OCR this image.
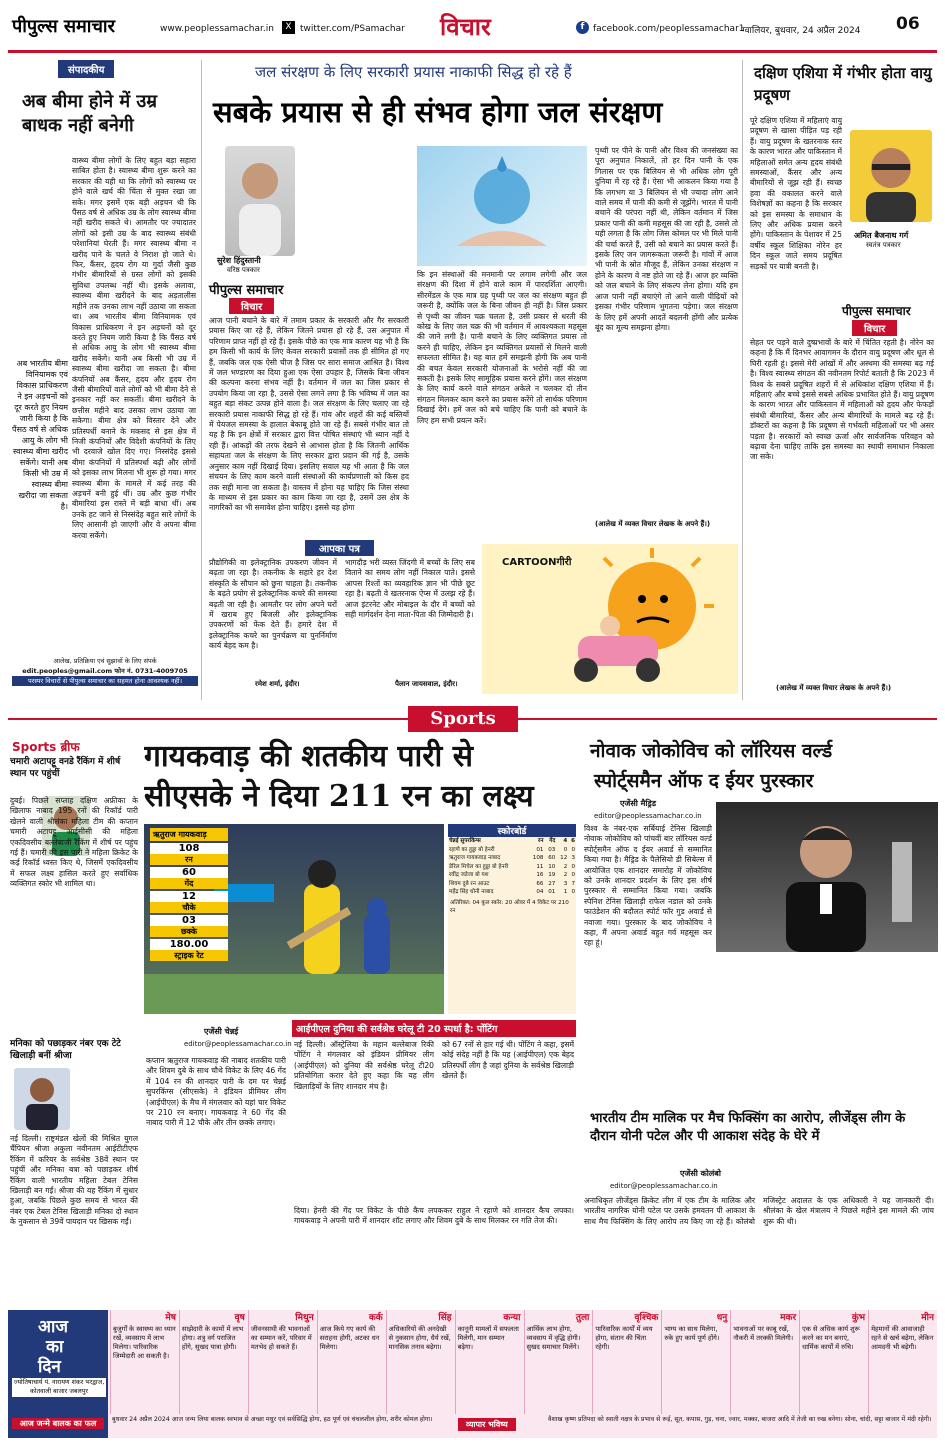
पीपुल्स समाचार	www.peoplessamachar.in	X twitter.com/PSamachar विचार	f facebook.com/peoplessamachar1
ग्वालियर, बुधवार, 24 अप्रैल 2024 06
संपादकीय
अब बीमा होने में उम्र बाधक नहीं बनेगी
वास्थ्य बीमा लोगों के लिए बहुत बड़ा सहारा साबित होता है। स्वास्थ्य बीमा शुरू करने का सरकार की यही था कि लोगों को स्वास्थ्य पर होने वाले खर्च की चिंता से मुक्त रखा जा सके। मगर इसमें एक बड़ी अड़चन थी कि पैंसठ वर्ष से अधिक उम्र के लोग स्वास्थ्य बीमा नहीं खरीद सकते थे। आमतौर पर ज्यादातर लोगों को इसी उम्र के बाद स्वास्थ्य संबंधी परेशानियां घेरती हैं। मगर स्वास्थ्य बीमा न खरीद पाने के चलते वे निराश हो जाते थे। फिर, कैंसर, हृदय रोग या गुर्दा जैसी कुछ गंभीर बीमारियों से ग्रस्त लोगों को इसकी सुविधा उपलब्ध नहीं थी। इसके अलावा, स्वास्थ्य बीमा खरीदने के बाद अड़तालीस महीने तक उनका लाभ नहीं उठाया जा सकता था। अब भारतीय बीमा विनियामक एवं विकास प्राधिकरण ने इन अड़चनों को दूर करते हुए नियम जारी किया है कि पैंसठ वर्ष से अधिक आयु के लोग भी स्वास्थ्य बीमा खरीद सकेंगे। यानी अब किसी भी उम्र में स्वास्थ्य बीमा खरीदा जा सकता है। बीमा कंपनियों अब कैंसर, हृदय और हृदय रोग जैसी बीमारियों वाले लोगों को भी बीमा देने से इनकार नहीं कर सकतीं। बीमा खरीदने के छत्तीस महीने बाद उसका लाभ उठाया जा सकेगा। बीमा क्षेत्र को विस्तार देने और प्रतिस्पर्धी बनाने के मकसद से इस क्षेत्र में निजी कंपनियों और विदेशी कंपनियों के लिए भी दरवाजे खोल दिए गए। निस्संदेह इससे बीमा कंपनियों में प्रतिस्पर्धा बढ़ी और लोगों को इसका लाभ मिलना भी शुरू हो गया। मगर स्वास्थ्य बीमा के मामले में कई तरह की अड़चनें बनी हुई थीं। उम्र और कुछ गंभीर बीमारियां इस रास्ते में बड़ी बाधा थीं। अब उनके हट जाने से निस्संदेह बहुत सारे लोगों के लिए आसानी हो जाएगी और वे अपना बीमा करवा सकेंगे।
अब भारतीय बीमा विनियामक एवं विकास प्राधिकरण ने इन अड़चनों को दूर करते हुए नियम जारी किया है कि पैंसठ वर्ष से अधिक आयु के लोग भी स्वास्थ्य बीमा खरीद सकेंगे। यानी अब किसी भी उम्र में स्वास्थ्य बीमा खरीदा जा सकता है।
आलेख, प्रतिक्रिया एवं सुझावों के लिए संपर्क
edit.peoples@gmail.com फोन नं. 0731-4009705
परस्पर विचारों से पीपुल्स समाचार का सहमत होना आवश्यक नहीं।
जल संरक्षण के लिए सरकारी प्रयास नाकाफी सिद्ध हो रहे हैं
सबके प्रयास से ही संभव होगा जल संरक्षण
सुरेश हिंदुस्तानी
वरिष्ठ पत्रकार
पीपुल्स समाचार
विचार
आज पानी बचाने के बारे में तमाम प्रकार के सरकारी और गैर सरकारी प्रयास किए जा रहे हैं, लेकिन जितने प्रयास हो रहे हैं, उस अनुपात में परिणाम प्राप्त नहीं हो रहे हैं। इसके पीछे का एक मात्र कारण यह भी है कि हम किसी भी कार्य के लिए केवल सरकारी प्रयासों तक ही सीमित हो गए हैं, जबकि जल एक ऐसी चीज है जिस पर सारा समाज आश्रित है। विश्व में जल भण्डारण का दिया हुआ एक ऐसा उपहार है, जिसके बिना जीवन की कल्पना करना संभव नहीं है। वर्तमान में जल का जिस प्रकार से उपयोग किया जा रहा है, उससे ऐसा लगने लगा है कि भविष्य में जल का बहुत बड़ा संकट उत्पन्न होने वाला है। जल संरक्षण के लिए चलाए जा रहे सरकारी प्रयास नाकाफी सिद्ध हो रहे हैं। गांव और शहरों की कई बस्तियों में पेयजल समस्या के हालात बेकाबू होते जा रहे हैं। सबसे गंभीर बात तो यह है कि इन क्षेत्रों में सरकार द्वारा वित्त पोषित संस्थाएं भी ध्यान नहीं दे रही हैं। आंकड़ों की तरफ देखने से आभास होता है कि जितनी आर्थिक सहायता जल के संरक्षण के लिए सरकार द्वारा प्रदान की गई है, उसके अनुसार काम नहीं दिखाई दिया। इसलिए सवाल यह भी आता है कि जल संचयन के लिए काम करने वाली संस्थाओं की कार्यप्रणाली को किस हद तक सही माना जा सकता है। वास्तव में होना यह चाहिए कि जिस संस्था के माध्यम से इस प्रकार का काम किया जा रहा है, उसमें उस क्षेत्र के नागरिकों का भी समावेश होना चाहिए। इससे यह होगा
कि इन संस्थाओं की मनमानी पर लगाम लगेगी और जल संरक्षण की दिशा में होने वाले काम में पारदर्शिता आएगी। सीरमेंडल के एक मात्र ग्रह पृथ्वी पर जल का संरक्षण बहुत ही जरूरी है, क्योंकि जल के बिना जीवन ही नहीं है। जिस प्रकार से पृथ्वी का जीवन चक्र चलता है, उसी प्रकार से धरती की कोख के लिए जल चक्र की भी वर्तमान में आवश्यकता महसूस की जाने लगी है। पानी बचाने के लिए व्यक्तिगत प्रयास तो करने ही चाहिए, लेकिन इन व्यक्तिगत प्रयासों से मिलने वाली सफलता सीमित है। यह बात हमें समझनी होगी कि अब पानी की बचत केवल सरकारी योजनाओं के भरोसे नहीं की जा सकती है। इसके लिए सामूहिक प्रयास करने होंगे। जल संरक्षण के लिए कार्य करने वाले संगठन अकेले न चलकर दो तीन संगठन मिलकर काम करने का प्रयास करेंगे तो सार्थक परिणाम दिखाई देंगे। हमें जल को बचे चाहिए कि पानी को बचाने के लिए हम सभी प्रयत्न करें।
पृथ्वी पर पीने के पानी और विश्व की जनसंख्या का पूरा अनुपात निकालें, तो हर दिन पानी के एक गिलास पर एक बिलियन से भी अधिक लोग पूरी दुनिया में रह रहे हैं। ऐसा भी आकलन किया गया है कि लगभग या 3 बिलियन से भी ज्यादा लोग आने वाले समय में पानी की कमी से जूझेंगे। भारत में पानी बचाने की परंपरा नहीं थी, लेकिन वर्तमान में जिस प्रकार पानी की कमी महसूस की जा रही है, उससे तो यही लगता है कि लोग जिस कोमल पर भी मिले पानी की चर्चा करते हैं, उसी को बचाने का प्रयास करते हैं। इसके लिए जन जागरूकता जरूरी है। गांवों में आज भी पानी के स्रोत मौजूद हैं, लेकिन उनका संरक्षण न होने के कारण वे नष्ट होते जा रहे हैं। आज हर व्यक्ति को जल बचाने के लिए संकल्प लेना होगा। यदि हम आज पानी नहीं बचाएंगे तो आने वाली पीढ़ियों को इसका गंभीर परिणाम भुगतना पड़ेगा। जल संरक्षण के लिए हमें अपनी आदतें बदलनी होंगी और प्रत्येक बूंद का मूल्य समझना होगा।
(आलेख में व्यक्त विचार लेखक के अपने हैं।)
आपका पत्र
प्रौद्योगिकी वा इलेक्ट्रानिक उपकरण जीवन में बढ़ता जा रहा है। तकनीक के सहारे हर देश संस्कृति के सौपान को छुना चाहता है। तकनीक के बढ़ते प्रयोग से इलेक्ट्रानिक कचरे की समस्या बढ़ती जा रही है। आमतौर पर लोग अपने घरों में खराब हुए बिजली और इलेक्ट्रानिक उपकरणों को फेंक देते हैं। हमारे देश में इलेक्ट्रानिक कचरे का पुनर्चक्रण या पुनर्निर्माण कार्य बेहद कम है।
रमेश शर्मा, इंदौर।
भागदौड़ भरी व्यस्त जिंदगी में बच्चों के लिए सब विताने का समय लोग नहीं निकाल पाते। इससे आपस रिश्तों का व्यवहारिक ज्ञान भी पीछे छूट रहा है। बढ़ती वे खतरनाक ऐप्स में उलझ रहे हैं। आज इंटरनेट और मोबाइल के दौर में बच्चों को सही मार्गदर्शन देना माता-पिता की जिम्मेदारी है।
पैलान जायसवाल, इंदौर।
CARTOONगीरी
दक्षिण एशिया में गंभीर होता वायु प्रदूषण
पूरे दक्षिण एशिया में महिलाएं वायु प्रदूषण से खासा पीड़ित पड़ रही हैं। वायु प्रदूषण के खतरनाक स्तर के कारण भारत और पाकिस्तान में महिलाओं समेत अन्य हृदय संबंधी समस्याओं, कैंसर और अन्य बीमारियों से जूझ रही हैं। स्वच्छ हवा की वकालत करने वाले विशेषज्ञों का कहना है कि सरकार को इस समस्या के समाधान के लिए और अधिक प्रयास करने होंगे। पाकिस्तान के पेशावर में 25 वर्षीय स्कूल शिक्षिका नोरेन हर दिन स्कूल जाते समय प्रदूषित सड़कों पर यात्री बनती है।
अमित बैजनाथ गर्ग
स्वतंत्र पत्रकार
पीपुल्स समाचार
विचार
सेहत पर पड़ने वाले दुष्प्रभावों के बारे में चिंतित रहती है। नोरेन का कहना है कि मैं दिनभर आवागमन के दौरान वायु प्रदूषण और धूल से घिरी रहती हूं। इससे मेरी आंखों में और अस्थमा की समस्या बढ़ गई है। विश्व स्वास्थ्य संगठन की नवीनतम रिपोर्ट बताती है कि 2023 में विश्व के सबसे प्रदूषित शहरों में से अधिकांश दक्षिण एशिया में हैं। महिलाएं और बच्चे इससे सबसे अधिक प्रभावित होते हैं। वायु प्रदूषण के कारण भारत और पाकिस्तान में महिलाओं को हृदय और फेफड़ों संबंधी बीमारियां, कैंसर और अन्य बीमारियों के मामले बढ़ रहे हैं। डॉक्टरों का कहना है कि प्रदूषण से गर्भवती महिलाओं पर भी असर पड़ता है। सरकारों को स्वच्छ ऊर्जा और सार्वजनिक परिवहन को बढ़ावा देना चाहिए ताकि इस समस्या का स्थायी समाधान निकाला जा सके।
(आलेख में व्यक्त विचार लेखक के अपने हैं।)
Sports
Sports ब्रीफ
चमारी अटापट्टू वनडे रैंकिंग में शीर्ष स्थान पर पहुंचीं
दुबई। पिछले सप्ताह दक्षिण अफ्रीका के खिलाफ नाबाद 195 रनों की रिकॉर्ड पारी खेलने वाली श्रीलंका महिला टीम की कप्तान चमारी अटापट्टू आईसीसी की महिला एकदिवसीय बल्लेबाजी रैंकिंग में शीर्ष पर पहुंच गई हैं। चमारी की इस पारी ने महिला क्रिकेट के कई रिकॉर्ड ध्वस्त किए थे, जिसमें एकदिवसीय में सफल लक्ष्य हासिल करते हुए सर्वाधिक व्यक्तिगत स्कोर भी शामिल था।
मनिका को पछाड़कर नंबर एक टेटे खिलाड़ी बनीं श्रीजा
नई दिल्ली। राष्ट्रमंडल खेलों की मिश्रित युगल चैंपियन श्रीजा अकुला नवीनतम आईटीटीएफ रैंकिंग में करियर के सर्वश्रेष्ठ 38वें स्थान पर पहुंचीं और मनिका बत्रा को पछाड़कर शीर्ष रैंकिंग वाली भारतीय महिला टेबल टेनिस खिलाड़ी बन गईं। श्रीजा की यह रैंकिंग में सुधार हुआ, जबकि पिछले कुछ समय से भारत की नंबर एक टेबल टेनिस खिलाड़ी मनिका दो स्थान के नुकसान से 39वें पायदान पर खिसक गईं।
गायकवाड़ की शतकीय पारी से
सीएसके ने दिया 211 रन का लक्ष्य
ऋतुराज गायकवाड़
108
रन
60
गेंद
12
चौके
03
छक्के
180.00
स्ट्राइक रेट
स्कोरबोर्ड
चेन्नई सुपरकिंग्स	रन	गेंद	4	6
रहाणे का हुड्डा बो हेनरी	01	03	0	0
ऋतुराज गायकवाड़ नाबाद	108	60	12	3
डेरिल मिचेल का हुड्डा बो हेनरी	11	10	2	0
रवींद्र जडेजा बो यश	16	19	2	0
शिवम दुबे रन आउट	66	27	3	7
महेंद्र सिंह धोनी नाबाद	04	01	1	0
अतिरिक्त: 04 कुल स्कोर: 20 ओवर में 4 विकेट पर 210 रन
एजेंसी चेन्नई
editor@peoplessamachar.co.in
आईपीएल दुनिया की सर्वश्रेष्ठ घरेलू टी 20 स्पर्धा है: पोंटिंग
कप्तान ऋतुराज गायकवाड़ की नाबाद शतकीय पारी और शिवम दुबे के साथ चौथे विकेट के लिए 46 गेंद में 104 रन की शानदार पारी के दम पर चेन्नई सुपरकिंग्स (सीएसके) ने इंडियन प्रीमियर लीग (आईपीएल) के मैच में मंगलवार को यहां चार विकेट पर 210 रन बनाए। गायकवाड़ ने 60 गेंद की नाबाद पारी में 12 चौके और तीन छक्के लगाए।
नई दिल्ली। ऑस्ट्रेलिया के महान बल्लेबाज रिकी पोंटिंग ने मंगलवार को इंडियन प्रीमियर लीग (आईपीएल) को दुनिया की सर्वश्रेष्ठ घरेलू टी20 प्रतियोगिता करार देते हुए कहा कि यह लीग खिलाड़ियों के लिए शानदार मंच है।
को 67 रनों से हार गई थी। पोंटिंग ने कहा, इसमें कोई संदेह नहीं है कि यह (आईपीएल) एक बेहद प्रतिस्पर्धी लीग है जहां दुनिया के सर्वश्रेष्ठ खिलाड़ी खेलते हैं।
दिया। हेनरी की गेंद पर विकेट के पीछे कैच लपककर राहुल ने रहाणे को शानदार कैच लपका। गायकवाड़ ने अपनी पारी में शानदार शॉट लगाए और शिवम दुबे के साथ मिलकर रन गति तेज की।
नोवाक जोकोविच को लॉरियस वर्ल्ड
स्पोर्ट्समैन ऑफ द ईयर पुरस्कार
एजेंसी मैड्रिड
editor@peoplessamachar.co.in
विश्व के नंबर-एक सर्बियाई टेनिस खिलाड़ी नोवाक जोकोविच को पांचवीं बार लॉरियस वर्ल्ड स्पोर्ट्समैन ऑफ द ईयर अवार्ड से सम्मानित किया गया है। मैड्रिड के पैलेसियो डी सिबेल्स में आयोजित एक शानदार समारोह में जोकोविच को उनके शानदार प्रदर्शन के लिए इस शीर्ष पुरस्कार से सम्मानित किया गया। जबकि स्पेनिश टेनिस खिलाड़ी राफेल नडाल को उनके फाउंडेशन की बदौलत स्पोर्ट फॉर गुड अवार्ड से नवाजा गया। पुरस्कार के बाद जोकोविच ने कहा, मैं अपना अवार्ड बहुत गर्व महसूस कर रहा हूं।
भारतीय टीम मालिक पर मैच फिक्सिंग का आरोप, लीजेंड्स लीग के दौरान योनी पटेल और पी आकाश संदेह के घेरे में
एजेंसी कोलंबो
editor@peoplessamachar.co.in
अनाधिकृत लीजेंड्स क्रिकेट लीग में एक टीम के मालिक और भारतीय नागरिक योनी पटेल पर उसके हमवतन पी आकाश के साथ मैच फिक्सिंग के लिए आरोप तय किए जा रहे हैं। कोलंबो मजिस्ट्रेट अदालत के एक अधिकारी ने यह जानकारी दी। श्रीलंका के खेल मंत्रालय ने पिछले महीने इस मामले की जांच शुरू की थी।
आज
का
दिन
ज्योतिषाचार्य पं. नारायण शंकर भरद्वाज, कोतवाली बाजार जबलपुर
आज जन्मे बालक का फल
मेष
बुजुर्गों के स्वास्थ्य का ध्यान रखें, व्यवसाय में लाभ मिलेगा। पारिवारिक जिम्मेदारी आ सकती है।
वृष
साझेदारी के कामों में लाभ होगा। शत्रु वर्ग पराजित होंगे, सुखद यात्रा होगी।
मिथुन
जीवनसाथी की भावनाओं का सम्मान करें, परिवार में मतभेद हो सकते हैं।
कर्क
आज किये गए कार्य की सराहना होगी, अटका धन मिलेगा।
सिंह
अधिकारियों की अनदेखी से नुकसान होगा, धैर्य रखें, मानसिक तनाव बढ़ेगा।
कन्या
कानूनी मामलों में सफलता मिलेगी, मान सम्मान बढ़ेगा।
तुला
आर्थिक लाभ होगा, व्यवसाय में वृद्धि होगी। सुखद समाचार मिलेंगे।
वृश्चिक
पारिवारिक कार्यों में व्यय होगा, संतान की चिंता रहेगी।
धनु
भाग्य का साथ मिलेगा, रुके हुए कार्य पूर्ण होंगे।
मकर
भावनाओं पर काबू रखें, नौकरी में तरक्की मिलेगी।
कुंभ
एक से अधिक कार्य शुरू करने का मन बनाएं, धार्मिक कार्यों में रुचि।
मीन
मेहमानों की आवाजाही रहने से खर्च बढ़ेगा, लेकिन आमदनी भी बढ़ेगी।
बुधवार 24 अप्रैल 2024 आज जन्म लिया बालक स्वभाव से अच्छा मधुर एवं सर्वसिद्धि होगा, हठ पूर्ण एवं चंचलशील होगा, शरीर कोमल होगा।
व्यापार भविष्य
वैशाख कृष्ण प्रतिपदा को स्वाती नक्षत्र के प्रभाव से रूई, सूत, कपास, गुड़, चना, ज्वार, मक्का, बाजरा आदि में तेजी का रुख बनेगा। सोना, चांदी, सट्टा बाजार में मंदी रहेगी।
